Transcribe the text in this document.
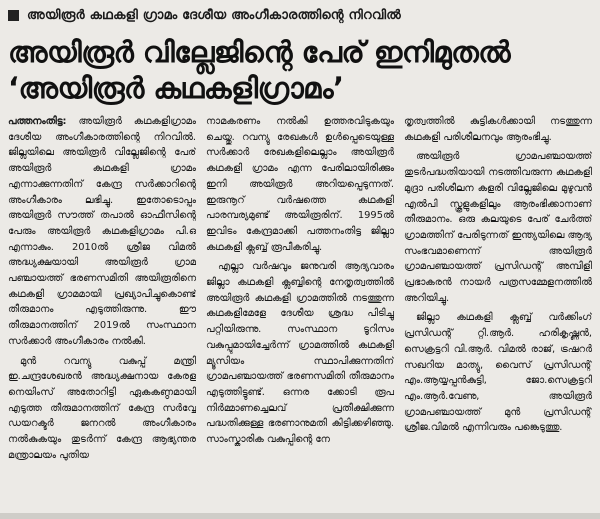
അയിരൂർ കഥകളി ഗ്രാമം ദേശീയ അംഗീകാരത്തിന്റെ നിറവിൽ
അയിരൂർ വില്ലേജിന്റെ പേര് ഇനിമുതൽ
‘അയിരൂർ കഥകളിഗ്രാമം’

പത്തനംതിട്ട: അയിരൂർ കഥകളിഗ്രാമം ദേശീയ അംഗീകാരത്തിന്റെ നിറവിൽ. ജില്ലയിലെ അയിരൂർ വില്ലേജിന്റെ പേര് അയിരൂർ കഥകളി ഗ്രാമം എന്നാക്കുന്നതിന് കേന്ദ്ര സർക്കാറിന്റെ അംഗീകാരം ലഭിച്ചു. ഇതോടൊപ്പം അയിരൂർ സൗത്ത് തപാൽ ഓഫീസിന്റെ പേരും അയിരൂർ കഥകളിഗ്രാമം പി.ഒ എന്നാകും. 2010ൽ ശ്രീജ വിമൽ അദ്ധ്യക്ഷയായി അയിരൂർ ഗ്രാമ പഞ്ചായത്ത് ഭരണസമിതി അയിരൂരിനെ കഥകളി ഗ്രാമമായി പ്രഖ്യാപിച്ചുകൊണ്ട് തീരുമാനം എടുത്തിരുന്നു. ഈ തീരുമാനത്തിന് 2019ൽ സംസ്ഥാന സർക്കാർ അംഗീകാരം നൽകി.

മുൻ റവന്യു വകുപ്പ് മന്ത്രി ഇ.ചന്ദ്രശേഖരൻ അദ്ധ്യക്ഷനായ കേരള നെയിംസ് അതോറിട്ടി ഏകകണ്ഠമായി എടുത്ത തീരുമാനത്തിന് കേന്ദ്ര സർവ്വേ ഡയറക്ടർ ജനറൽ അംഗീകാരം നൽകുകയും തുടർന്ന് കേന്ദ്ര ആഭ്യന്തര മന്ത്രാലയം പുതിയ

നാമകരണം നൽകി ഉത്തരവിടുകയും ചെയ്തു. റവന്യു രേഖകൾ ഉൾപ്പെടെയുള്ള സർക്കാർ രേഖകളിലെല്ലാം അയിരൂർ കഥകളി ഗ്രാമം എന്ന പേരിലായിരിക്കും ഇനി അയിരൂർ അറിയപ്പെടുന്നത്. ഇരുനൂറ് വർഷത്തെ കഥകളി പാരമ്പര്യമുണ്ട് അയിരൂരിന്. 1995ൽ ഇവിടം കേന്ദ്രമാക്കി പത്തനംതിട്ട ജില്ലാ കഥകളി ക്ലബ്ബ് രൂപീകരിച്ചു.

എല്ലാ വർഷവും ജനുവരി ആദ്യവാരം ജില്ലാ കഥകളി ക്ലബ്ബിന്റെ നേതൃത്വത്തിൽ അയിരൂർ കഥകളി ഗ്രാമത്തിൽ നടത്തുന്ന കഥകളിമേളേ ദേശീയ ശ്രദ്ധ പിടിച്ചു പറ്റിയിരുന്നു. സംസ്ഥാന ടൂറിസം വകുപ്പുമായിച്ചേർന്ന് ഗ്രാമത്തിൽ കഥകളി മ്യൂസിയം സ്ഥാപിക്കുന്നതിന് ഗ്രാമപഞ്ചായത്ത് ഭരണസമിതി തീരുമാനം എടുത്തിട്ടുണ്ട്. ഒന്നര ക്കോടി രൂപ നിർമ്മാണച്ചെലവ് പ്രതീക്ഷിക്കുന്ന പദ്ധതിക്കുള്ള ഭരണാനുമതി കിട്ടിക്കഴിഞ്ഞു. സാംസ്കാരിക വകുപ്പിന്റെ നേ

തൃത്വത്തിൽ കുട്ടികൾക്കായി നടത്തുന്ന കഥകളി പരിശീലനവും ആരംഭിച്ചു.

അയിരൂർ ഗ്രാമപഞ്ചായത്ത് തുടർപദ്ധതിയായി നടത്തിവരുന്ന കഥകളി മുദ്രാ പരിശീലന കളരി വില്ലേജിലെ മുഴുവൻ എൽപി സ്കൂളുകളിലും ആരംഭിക്കാനാണ് തീരുമാനം. ഒരു കലയുടെ പേര് ചേർത്ത് ഗ്രാമത്തിന് പേരിടുന്നത് ഇന്ത്യയിലെ ആദ്യ സംഭവമാണെന്ന് അയിരൂർ ഗ്രാമപഞ്ചായത്ത് പ്രസിഡന്റ് അമ്പിളി പ്രഭാകരൻ നായർ പത്രസമ്മേളനത്തിൽ അറിയിച്ചു.

ജില്ലാ കഥകളി ക്ലബ്ബ് വർക്കിംഗ് പ്രസിഡന്റ് റ്റി.ആർ. ഹരികൃഷ്ണൻ, സെക്രട്ടറി വി.ആർ. വിമൽ രാജ്, ട്രഷറർ സഖറിയ മാത്യു, വൈസ് പ്രസിഡന്റ് എം.ആയ്യപ്പൻകുട്ടി, ജോ.സെക്രട്ടറി എം.ആർ.വേണു, അയിരൂർ ഗ്രാമപഞ്ചായത്ത് മുൻ പ്രസിഡന്റ് ശ്രീജ.വിമൽ എന്നിവരും പങ്കെടുത്തു.
